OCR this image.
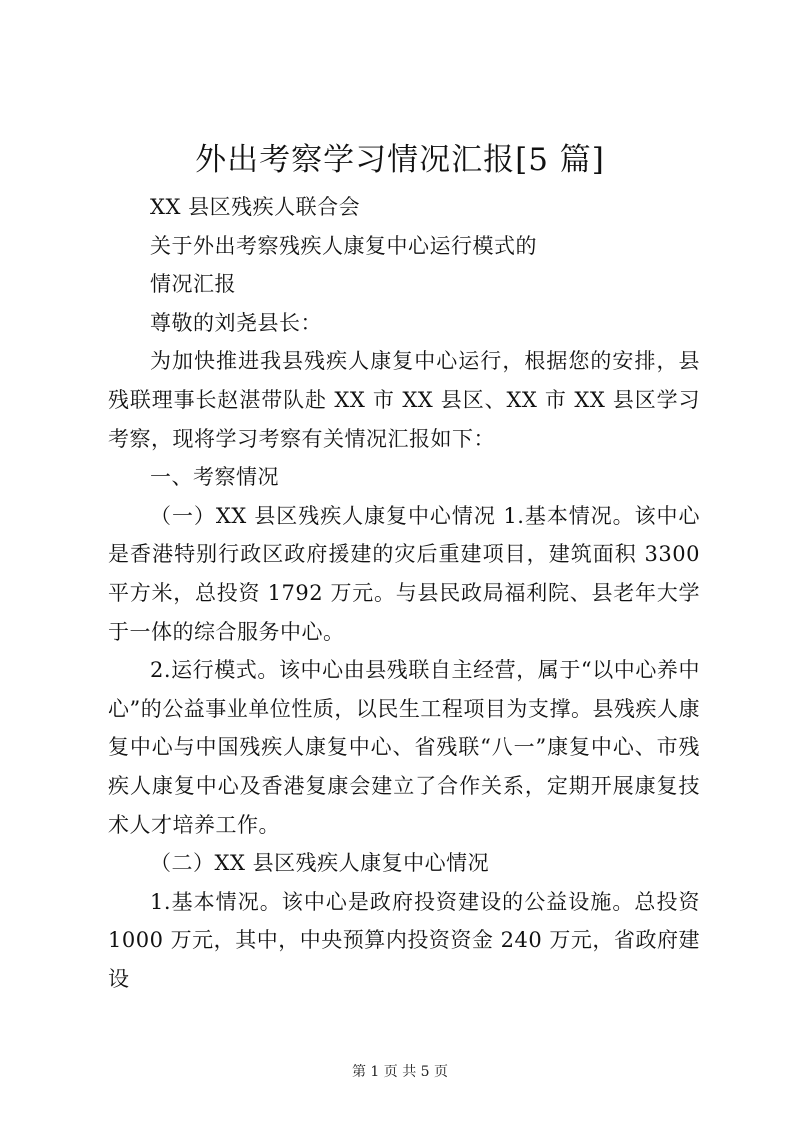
外出考察学习情况汇报[5 篇]

XX 县区残疾人联合会

关于外出考察残疾人康复中心运行模式的

情况汇报

尊敬的刘尧县长：

为加快推进我县残疾人康复中心运行，根据您的安排，县残联理事长赵湛带队赴 XX 市 XX 县区、XX 市 XX 县区学习考察，现将学习考察有关情况汇报如下：

一、考察情况

（一）XX 县区残疾人康复中心情况 1.基本情况。该中心是香港特别行政区政府援建的灾后重建项目，建筑面积 3300 平方米，总投资 1792 万元。与县民政局福利院、县老年大学于一体的综合服务中心。

2.运行模式。该中心由县残联自主经营，属于“以中心养中心”的公益事业单位性质，以民生工程项目为支撑。县残疾人康复中心与中国残疾人康复中心、省残联“八一”康复中心、市残疾人康复中心及香港复康会建立了合作关系，定期开展康复技术人才培养工作。

（二）XX 县区残疾人康复中心情况

1.基本情况。该中心是政府投资建设的公益设施。总投资 1000 万元，其中，中央预算内投资资金 240 万元，省政府建设

第 1 页 共 5 页
